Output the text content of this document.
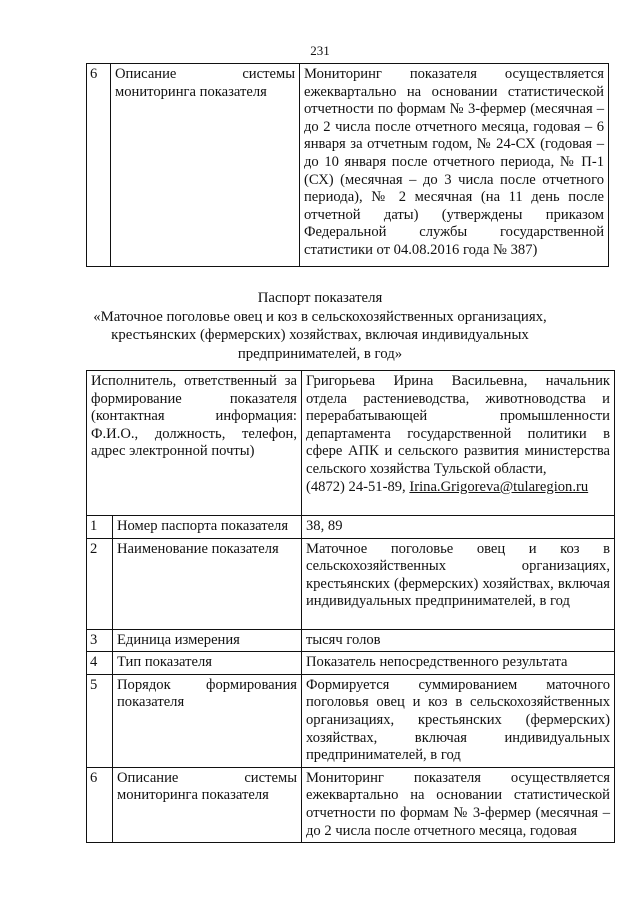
231
6	Описание системы мониторинга показателя	Мониторинг показателя осуществляется ежеквартально на основании статистической отчетности по формам № 3-фермер (месячная – до 2 числа после отчетного месяца, годовая – 6 января за отчетным годом, № 24-СХ (годовая – до 10 января после отчетного периода, № П-1 (СХ) (месячная – до 3 числа после отчетного периода), № 2 месячная (на 11 день после отчетной даты) (утверждены приказом Федеральной службы государственной статистики от 04.08.2016 года № 387)
Паспорт показателя
«Маточное поголовье овец и коз в сельскохозяйственных организациях,
крестьянских (фермерских) хозяйствах, включая индивидуальных
предпринимателей, в год»
Исполнитель, ответственный за формирование показателя (контактная информация: Ф.И.О., должность, телефон, адрес электронной почты)		Григорьева Ирина Васильевна, начальник отдела растениеводства, животноводства и перерабатывающей промышленности департамента государственной политики в сфере АПК и сельского развития министерства сельского хозяйства Тульской области,
(4872) 24-51-89, Irina.Grigoreva@tularegion.ru

1	Номер паспорта показателя	38, 89
2	Наименование показателя	Маточное поголовье овец и коз в сельскохозяйственных организациях, крестьянских (фермерских) хозяйствах, включая индивидуальных предпринимателей, в год
3	Единица измерения	тысяч голов
4	Тип показателя	Показатель непосредственного результата
5	Порядок формирования показателя	Формируется суммированием маточного поголовья овец и коз в сельскохозяйственных организациях, крестьянских (фермерских) хозяйствах, включая индивидуальных предпринимателей, в год
6	Описание системы мониторинга показателя	Мониторинг показателя осуществляется ежеквартально на основании статистической отчетности по формам № 3-фермер (месячная – до 2 числа после отчетного месяца, годовая
